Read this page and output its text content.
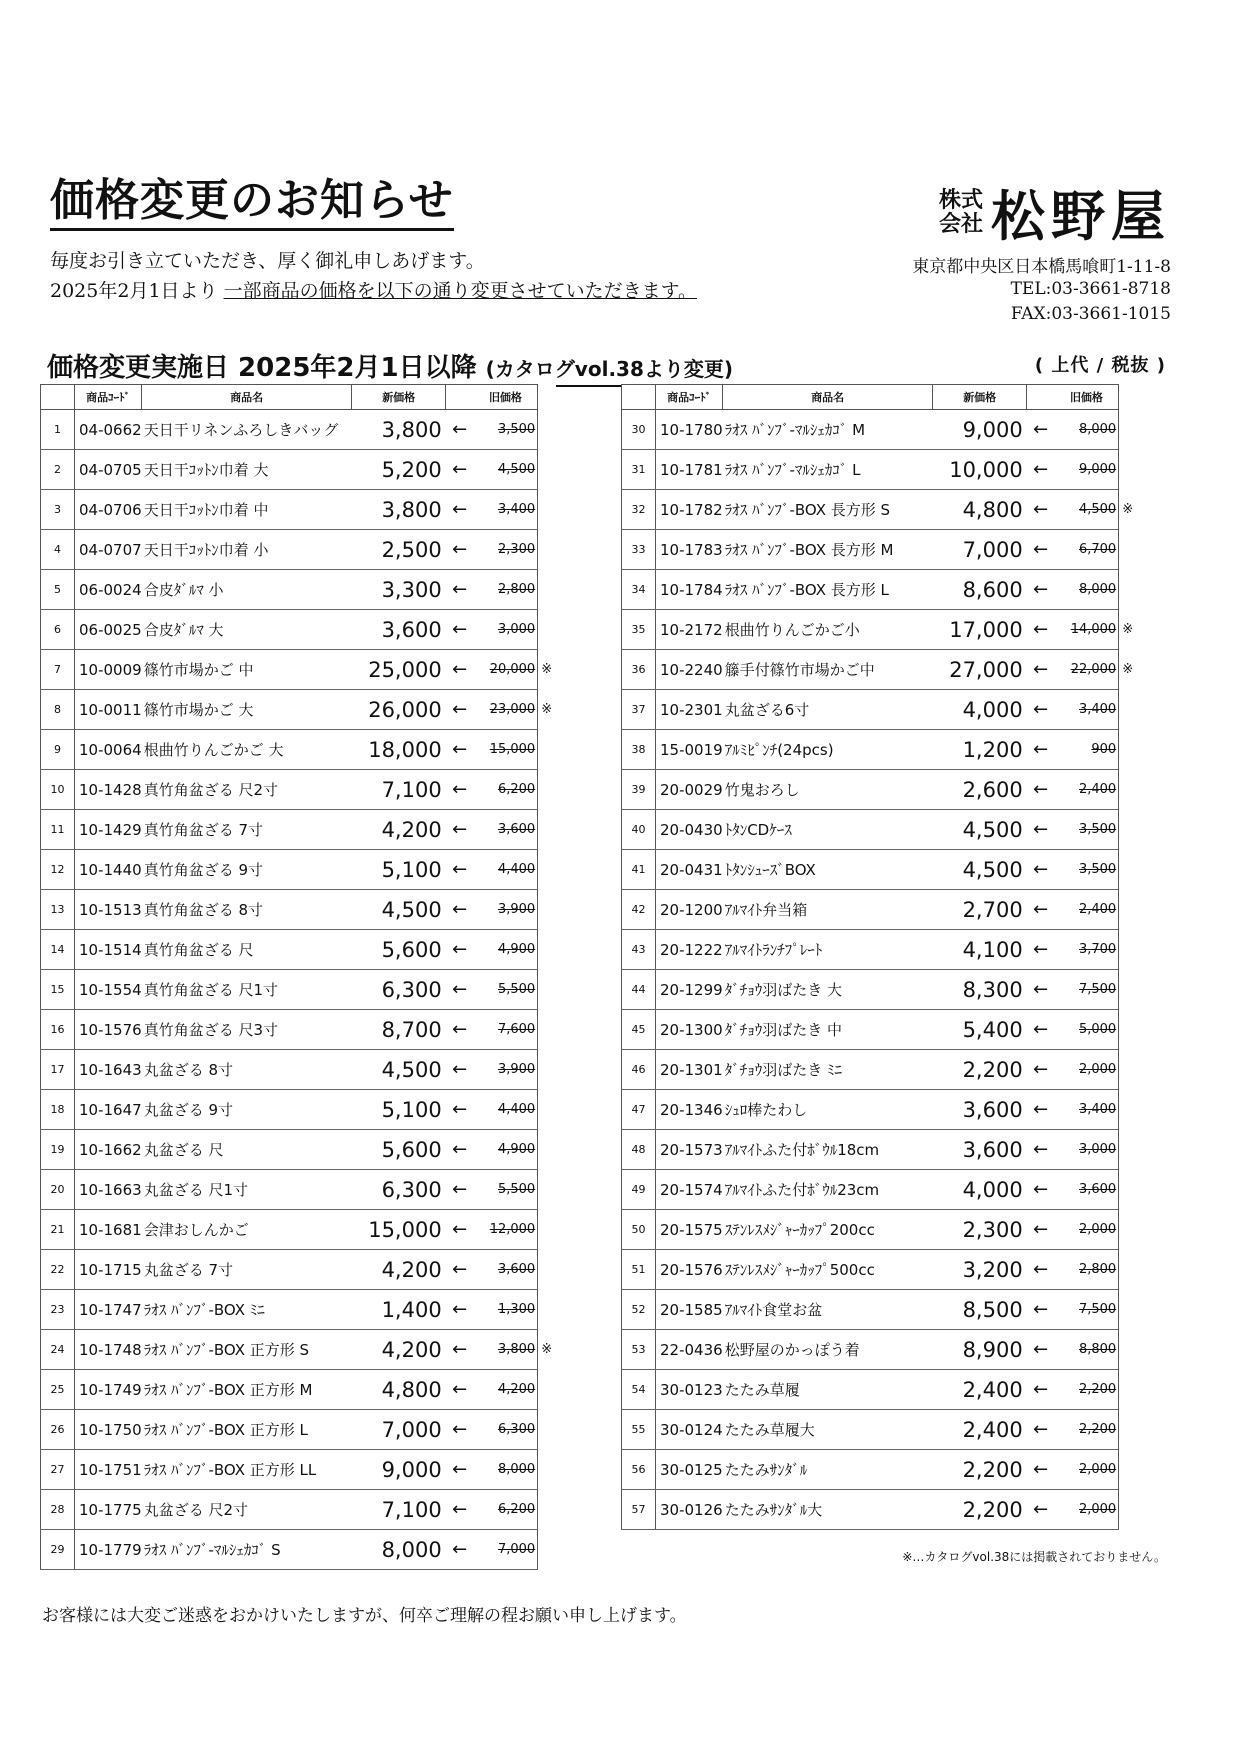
価格変更のお知らせ
毎度お引き立ていただき、厚く御礼申しあげます。
2025年2月1日より 一部商品の価格を以下の通り変更させていただきます。
株式
会社 松野屋
東京都中央区日本橋馬喰町1-11-8
TEL:03-3661-8718
FAX:03-3661-1015
価格変更実施日 2025年2月1日以降 (カタログvol.38より変更)	( 上代 / 税抜 )
	商品ｺｰﾄﾞ	商品名	新価格		旧価格	
1	04-0662	天日干リネンふろしきバッグ	3,800	←	3,500	
2	04-0705	天日干ｺｯﾄﾝ巾着 大	5,200	←	4,500	
3	04-0706	天日干ｺｯﾄﾝ巾着 中	3,800	←	3,400	
4	04-0707	天日干ｺｯﾄﾝ巾着 小	2,500	←	2,300	
5	06-0024	合皮ﾀﾞﾙﾏ 小	3,300	←	2,800	
6	06-0025	合皮ﾀﾞﾙﾏ 大	3,600	←	3,000	
7	10-0009	篠竹市場かご 中	25,000	←	20,000	※
8	10-0011	篠竹市場かご 大	26,000	←	23,000	※
9	10-0064	根曲竹りんごかご 大	18,000	←	15,000	
10	10-1428	真竹角盆ざる 尺2寸	7,100	←	6,200	
11	10-1429	真竹角盆ざる 7寸	4,200	←	3,600	
12	10-1440	真竹角盆ざる 9寸	5,100	←	4,400	
13	10-1513	真竹角盆ざる 8寸	4,500	←	3,900	
14	10-1514	真竹角盆ざる 尺	5,600	←	4,900	
15	10-1554	真竹角盆ざる 尺1寸	6,300	←	5,500	
16	10-1576	真竹角盆ざる 尺3寸	8,700	←	7,600	
17	10-1643	丸盆ざる 8寸	4,500	←	3,900	
18	10-1647	丸盆ざる 9寸	5,100	←	4,400	
19	10-1662	丸盆ざる 尺	5,600	←	4,900	
20	10-1663	丸盆ざる 尺1寸	6,300	←	5,500	
21	10-1681	会津おしんかご	15,000	←	12,000	
22	10-1715	丸盆ざる 7寸	4,200	←	3,600	
23	10-1747	ﾗｵｽ ﾊﾞﾝﾌﾞ-BOX ﾐﾆ	1,400	←	1,300	
24	10-1748	ﾗｵｽ ﾊﾞﾝﾌﾞ-BOX 正方形 S	4,200	←	3,800	※
25	10-1749	ﾗｵｽ ﾊﾞﾝﾌﾞ-BOX 正方形 M	4,800	←	4,200	
26	10-1750	ﾗｵｽ ﾊﾞﾝﾌﾞ-BOX 正方形 L	7,000	←	6,300	
27	10-1751	ﾗｵｽ ﾊﾞﾝﾌﾞ-BOX 正方形 LL	9,000	←	8,000	
28	10-1775	丸盆ざる 尺2寸	7,100	←	6,200	
29	10-1779	ﾗｵｽ ﾊﾞﾝﾌﾞ-ﾏﾙｼｪｶｺﾞ S	8,000	←	7,000	
	商品ｺｰﾄﾞ	商品名	新価格		旧価格	
30	10-1780	ﾗｵｽ ﾊﾞﾝﾌﾞ-ﾏﾙｼｪｶｺﾞ M	9,000	←	8,000	
31	10-1781	ﾗｵｽ ﾊﾞﾝﾌﾞ-ﾏﾙｼｪｶｺﾞ L	10,000	←	9,000	
32	10-1782	ﾗｵｽ ﾊﾞﾝﾌﾞ-BOX 長方形 S	4,800	←	4,500	※
33	10-1783	ﾗｵｽ ﾊﾞﾝﾌﾞ-BOX 長方形 M	7,000	←	6,700	
34	10-1784	ﾗｵｽ ﾊﾞﾝﾌﾞ-BOX 長方形 L	8,600	←	8,000	
35	10-2172	根曲竹りんごかご小	17,000	←	14,000	※
36	10-2240	籐手付篠竹市場かご中	27,000	←	22,000	※
37	10-2301	丸盆ざる6寸	4,000	←	3,400	
38	15-0019	ｱﾙﾐﾋﾟﾝﾁ(24pcs)	1,200	←	900	
39	20-0029	竹鬼おろし	2,600	←	2,400	
40	20-0430	ﾄﾀﾝCDｹｰｽ	4,500	←	3,500	
41	20-0431	ﾄﾀﾝｼｭｰｽﾞBOX	4,500	←	3,500	
42	20-1200	ｱﾙﾏｲﾄ弁当箱	2,700	←	2,400	
43	20-1222	ｱﾙﾏｲﾄﾗﾝﾁﾌﾟﾚｰﾄ	4,100	←	3,700	
44	20-1299	ﾀﾞﾁｮｳ羽ばたき 大	8,300	←	7,500	
45	20-1300	ﾀﾞﾁｮｳ羽ばたき 中	5,400	←	5,000	
46	20-1301	ﾀﾞﾁｮｳ羽ばたき ﾐﾆ	2,200	←	2,000	
47	20-1346	ｼｭﾛ棒たわし	3,600	←	3,400	
48	20-1573	ｱﾙﾏｲﾄふた付ﾎﾞｳﾙ18cm	3,600	←	3,000	
49	20-1574	ｱﾙﾏｲﾄふた付ﾎﾞｳﾙ23cm	4,000	←	3,600	
50	20-1575	ｽﾃﾝﾚｽﾒｼﾞｬｰｶｯﾌﾟ200cc	2,300	←	2,000	
51	20-1576	ｽﾃﾝﾚｽﾒｼﾞｬｰｶｯﾌﾟ500cc	3,200	←	2,800	
52	20-1585	ｱﾙﾏｲﾄ食堂お盆	8,500	←	7,500	
53	22-0436	松野屋のかっぽう着	8,900	←	8,800	
54	30-0123	たたみ草履	2,400	←	2,200	
55	30-0124	たたみ草履大	2,400	←	2,200	
56	30-0125	たたみｻﾝﾀﾞﾙ	2,200	←	2,000	
57	30-0126	たたみｻﾝﾀﾞﾙ大	2,200	←	2,000	
※…カタログvol.38には掲載されておりません。
お客様には大変ご迷惑をおかけいたしますが、何卒ご理解の程お願い申し上げます。
